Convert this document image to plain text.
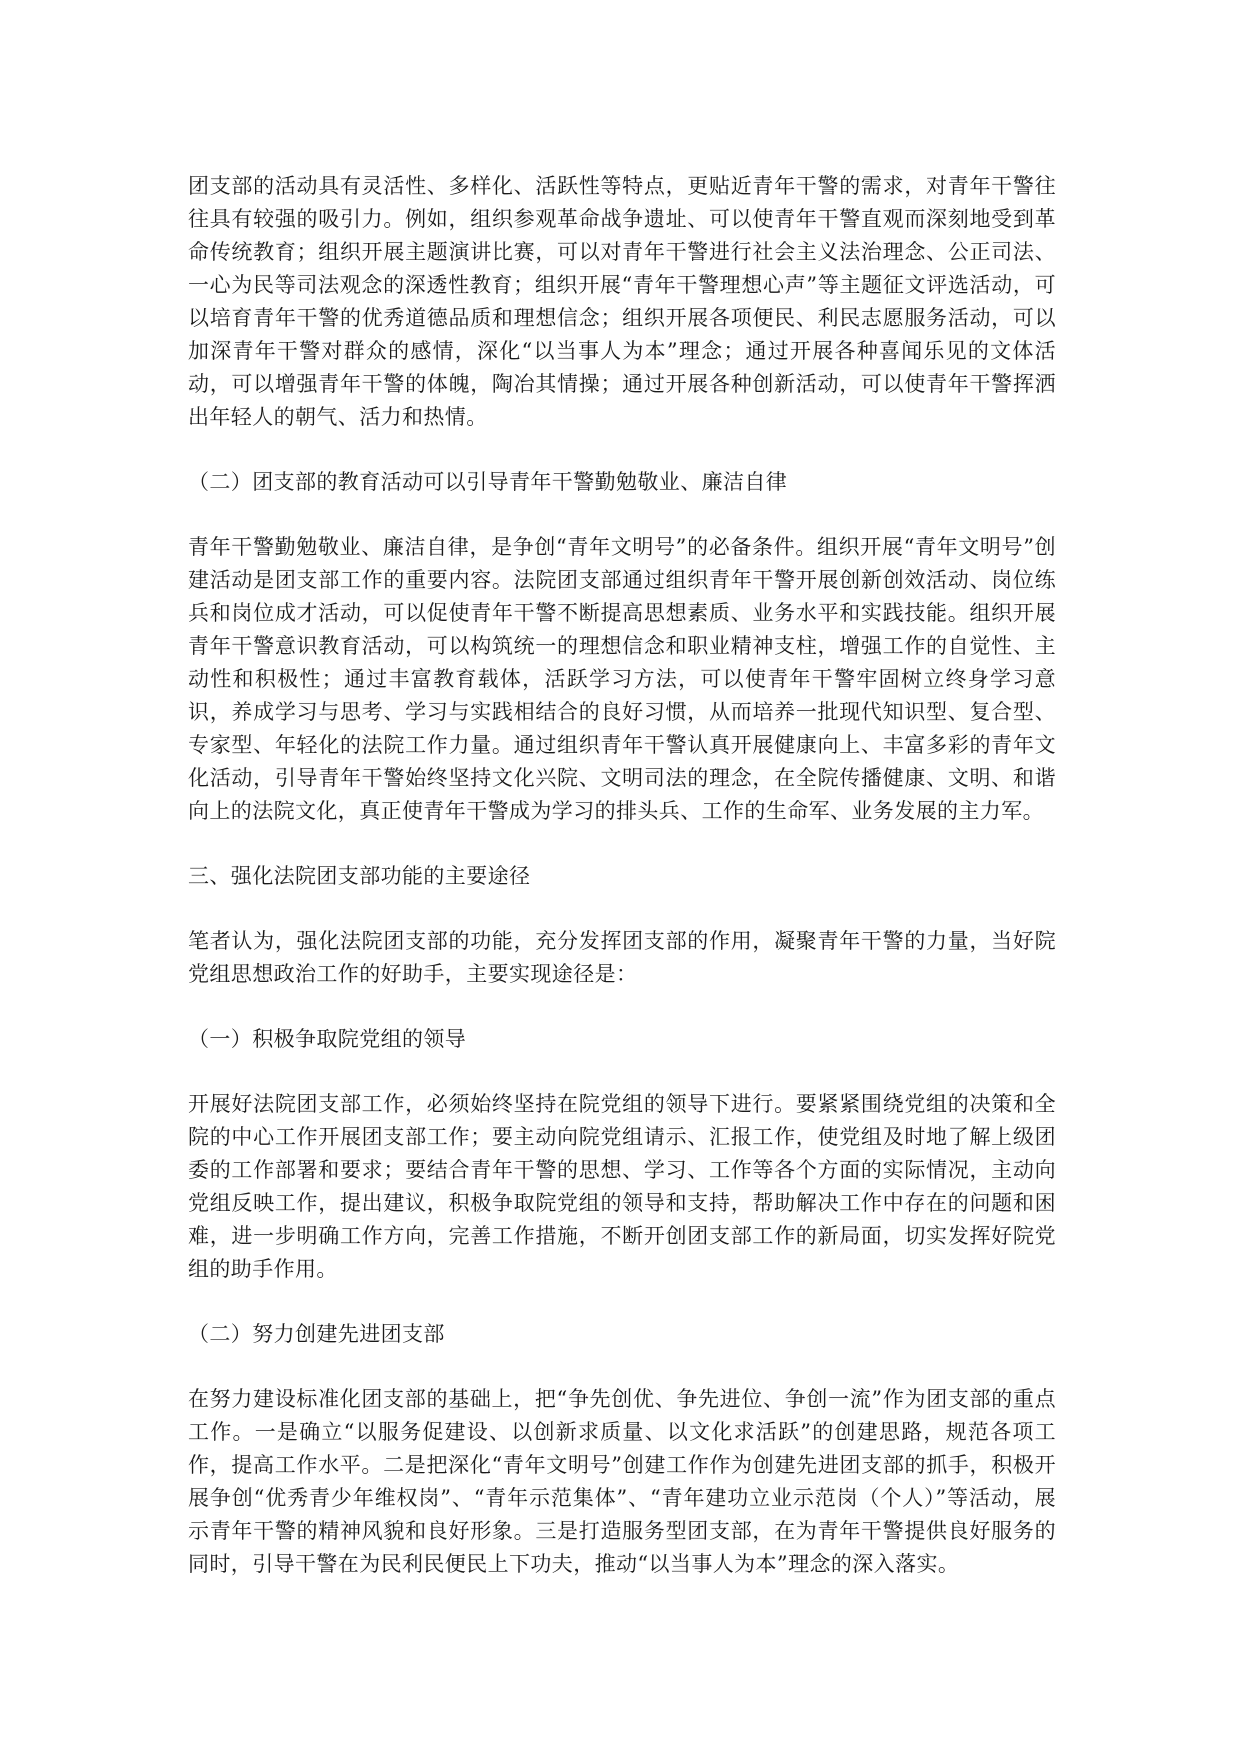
团支部的活动具有灵活性、多样化、活跃性等特点，更贴近青年干警的需求，对青年干警往往具有较强的吸引力。例如，组织参观革命战争遗址、可以使青年干警直观而深刻地受到革命传统教育；组织开展主题演讲比赛，可以对青年干警进行社会主义法治理念、公正司法、一心为民等司法观念的深透性教育；组织开展“青年干警理想心声”等主题征文评选活动，可以培育青年干警的优秀道德品质和理想信念；组织开展各项便民、利民志愿服务活动，可以加深青年干警对群众的感情，深化“以当事人为本”理念；通过开展各种喜闻乐见的文体活动，可以增强青年干警的体魄，陶冶其情操；通过开展各种创新活动，可以使青年干警挥洒出年轻人的朝气、活力和热情。

（二）团支部的教育活动可以引导青年干警勤勉敬业、廉洁自律

青年干警勤勉敬业、廉洁自律，是争创“青年文明号”的必备条件。组织开展“青年文明号”创建活动是团支部工作的重要内容。法院团支部通过组织青年干警开展创新创效活动、岗位练兵和岗位成才活动，可以促使青年干警不断提高思想素质、业务水平和实践技能。组织开展青年干警意识教育活动，可以构筑统一的理想信念和职业精神支柱，增强工作的自觉性、主动性和积极性；通过丰富教育载体，活跃学习方法，可以使青年干警牢固树立终身学习意识，养成学习与思考、学习与实践相结合的良好习惯，从而培养一批现代知识型、复合型、专家型、年轻化的法院工作力量。通过组织青年干警认真开展健康向上、丰富多彩的青年文化活动，引导青年干警始终坚持文化兴院、文明司法的理念，在全院传播健康、文明、和谐向上的法院文化，真正使青年干警成为学习的排头兵、工作的生命军、业务发展的主力军。

三、强化法院团支部功能的主要途径

笔者认为，强化法院团支部的功能，充分发挥团支部的作用，凝聚青年干警的力量，当好院党组思想政治工作的好助手，主要实现途径是：

（一）积极争取院党组的领导

开展好法院团支部工作，必须始终坚持在院党组的领导下进行。要紧紧围绕党组的决策和全院的中心工作开展团支部工作；要主动向院党组请示、汇报工作，使党组及时地了解上级团委的工作部署和要求；要结合青年干警的思想、学习、工作等各个方面的实际情况，主动向党组反映工作，提出建议，积极争取院党组的领导和支持，帮助解决工作中存在的问题和困难，进一步明确工作方向，完善工作措施，不断开创团支部工作的新局面，切实发挥好院党组的助手作用。

（二）努力创建先进团支部

在努力建设标准化团支部的基础上，把“争先创优、争先进位、争创一流”作为团支部的重点工作。一是确立“以服务促建设、以创新求质量、以文化求活跃”的创建思路，规范各项工作，提高工作水平。二是把深化“青年文明号”创建工作作为创建先进团支部的抓手，积极开展争创“优秀青少年维权岗”、“青年示范集体”、“青年建功立业示范岗（个人）”等活动，展示青年干警的精神风貌和良好形象。三是打造服务型团支部，在为青年干警提供良好服务的同时，引导干警在为民利民便民上下功夫，推动“以当事人为本”理念的深入落实。
